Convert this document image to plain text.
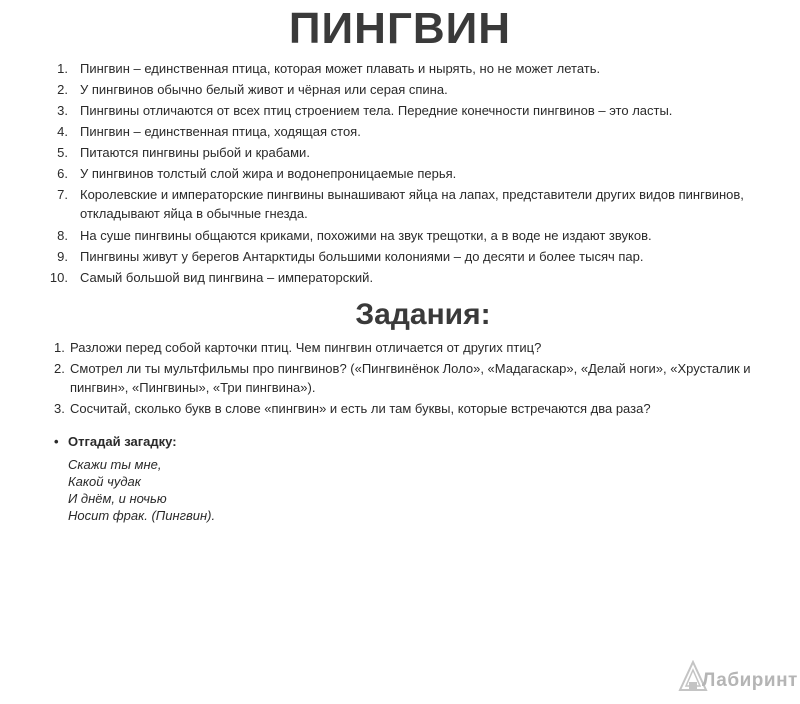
ПИНГВИН
1. Пингвин – единственная птица, которая может плавать и нырять, но не может летать.
2. У пингвинов обычно белый живот и чёрная или серая спина.
3. Пингвины отличаются от всех птиц строением тела. Передние конечности пингвинов – это ласты.
4. Пингвин – единственная птица, ходящая стоя.
5. Питаются пингвины рыбой и крабами.
6. У пингвинов толстый слой жира и водонепроницаемые перья.
7. Королевские и императорские пингвины вынашивают яйца на лапах, представители других видов пингвинов, откладывают яйца в обычные гнезда.
8. На суше пингвины общаются криками, похожими на звук трещотки, а в воде не издают звуков.
9. Пингвины живут у берегов Антарктиды большими колониями – до десяти и более тысяч пар.
10. Самый большой вид пингвина – императорский.
Задания:
1. Разложи перед собой карточки птиц. Чем пингвин отличается от других птиц?
2. Смотрел ли ты мультфильмы про пингвинов? («Пингвинёнок Лоло», «Мадагаскар», «Делай ноги», «Хрусталик и пингвин», «Пингвины», «Три пингвина»).
3. Сосчитай, сколько букв в слове «пингвин» и есть ли там буквы, которые встречаются два раза?
• Отгадай загадку:
Скажи ты мне,
Какой чудак
И днём, и ночью
Носит фрак. (Пингвин).
Лабиринт
